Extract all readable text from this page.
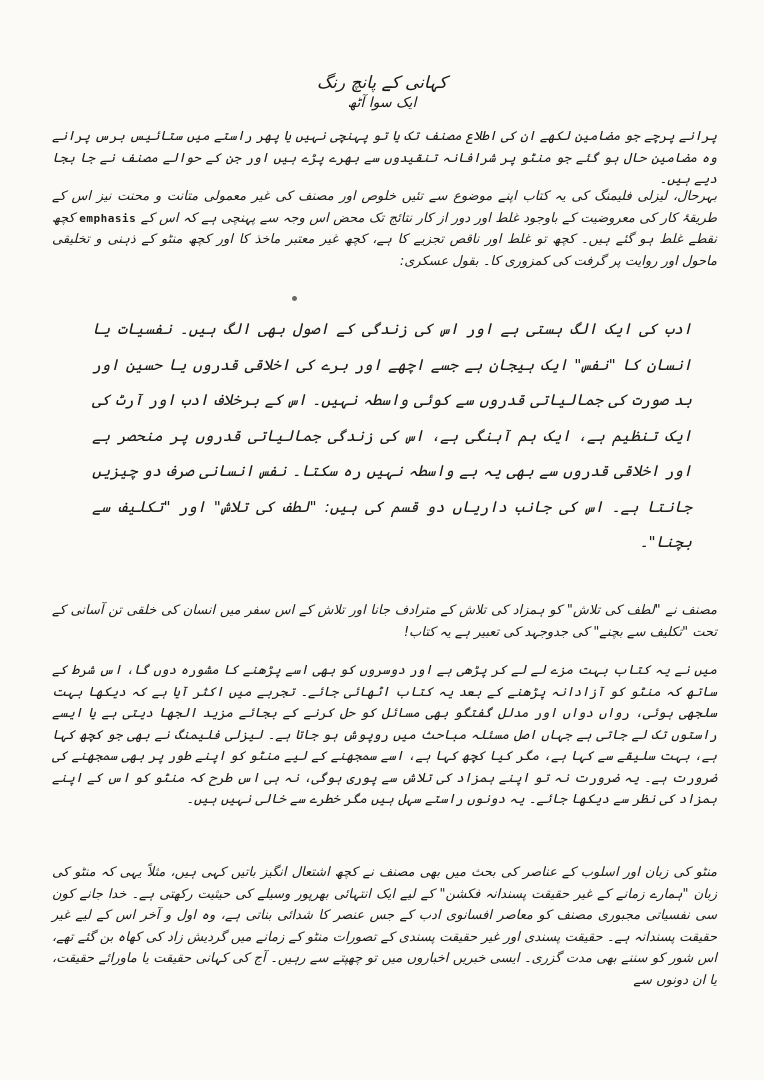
کہانی کے پانچ رنگ
ایک سوا آٹھ

پرانے پرچے جو مضامین لکھے ان کی اطلاع مصنف تک یا تو پہنچی نہیں یا پھر راستے میں ستائیس برس پرانے وہ مضامین حال ہو گئے جو منٹو پر شرافانہ تنقیدوں سے بھرے پڑے ہیں اور جن کے حوالے مصنف نے جا بجا دیے ہیں۔

بہرحال، لیزلی فلیمنگ کی یہ کتاب اپنے موضوع سے تئیں خلوص اور مصنف کی غیر معمولی متانت و محنت نیز اس کے طریقۂ کار کی معروضیت کے باوجود غلط اور دور از کار نتائج تک محض اس وجہ سے پہنچی ہے کہ اس کے emphasis کچھ نقطے غلط ہو گئے ہیں۔ کچھ تو غلط اور ناقص تجزیے کا ہے، کچھ غیر معتبر ماخذ کا اور کچھ منٹو کے ذہنی و تخلیقی ماحول اور روایت پر گرفت کی کمزوری کا۔ بقول عسکری:

ادب کی ایک الگ ہستی ہے اور اس کی زندگی کے اصول بھی الگ ہیں۔ نفسیات یا انسان کا "نفس" ایک ہیجان ہے جسے اچھے اور برے کی اخلاقی قدروں یا حسین اور بد صورت کی جمالیاتی قدروں سے کوئی واسطہ نہیں۔ اس کے برخلاف ادب اور آرٹ کی ایک تنظیم ہے، ایک ہم آہنگی ہے، اس کی زندگی جمالیاتی قدروں پر منحصر ہے اور اخلاقی قدروں سے بھی یہ بے واسطہ نہیں رہ سکتا۔ نفس انسانی صرف دو چیزیں جانتا ہے۔ اس کی جانب داریاں دو قسم کی ہیں: "لطف کی تلاش" اور "تکلیف سے بچنا"۔

مصنف نے "لطف کی تلاش" کو ہمزاد کی تلاش کے مترادف جانا اور تلاش کے اس سفر میں انسان کی خلقی تن آسانی کے تحت "تکلیف سے بچنے" کی جدوجہد کی تعبیر ہے یہ کتاب!

میں نے یہ کتاب بہت مزے لے لے کر پڑھی ہے اور دوسروں کو بھی اسے پڑھنے کا مشورہ دوں گا، اس شرط کے ساتھ کہ منٹو کو آزادانہ پڑھنے کے بعد یہ کتاب اٹھائی جائے۔ تجربے میں اکثر آیا ہے کہ دیکھا بہت سلجھی ہوئی، رواں دواں اور مدلل گفتگو بھی مسائل کو حل کرنے کے بجائے مزید الجھا دیتی ہے یا ایسے راستوں تک لے جاتی ہے جہاں اصل مسئلہ مباحث میں روپوش ہو جاتا ہے۔ لیزلی فلیمنگ نے بھی جو کچھ کہا ہے، بہت سلیقے سے کہا ہے، مگر کیا کچھ کہا ہے، اسے سمجھنے کے لیے منٹو کو اپنے طور پر بھی سمجھنے کی ضرورت ہے۔ یہ ضرورت نہ تو اپنے ہمزاد کی تلاش سے پوری ہوگی، نہ ہی اس طرح کہ منٹو کو اس کے اپنے ہمزاد کی نظر سے دیکھا جائے۔ یہ دونوں راستے سہل ہیں مگر خطرے سے خالی نہیں ہیں۔

منٹو کی زبان اور اسلوب کے عناصر کی بحث میں بھی مصنف نے کچھ اشتعال انگیز باتیں کہی ہیں، مثلاً یہی کہ منٹو کی زبان "ہمارے زمانے کے غیر حقیقت پسندانہ فکشن" کے لیے ایک انتہائی بھرپور وسیلے کی حیثیت رکھتی ہے۔ خدا جانے کون سی نفسیاتی مجبوری مصنف کو معاصر افسانوی ادب کے جس عنصر کا شدائی بناتی ہے، وہ اول و آخر اس کے لیے غیر حقیقت پسندانہ ہے۔ حقیقت پسندی اور غیر حقیقت پسندی کے تصورات منٹو کے زمانے میں گردیش زاد کی کھاہ بن گئے تھے، اس شور کو سننے بھی مدت گزری۔ ایسی خبریں اخباروں میں تو چھپتے سے رہیں۔ آج کی کہانی حقیقت یا ماورائے حقیقت، یا ان دونوں سے
